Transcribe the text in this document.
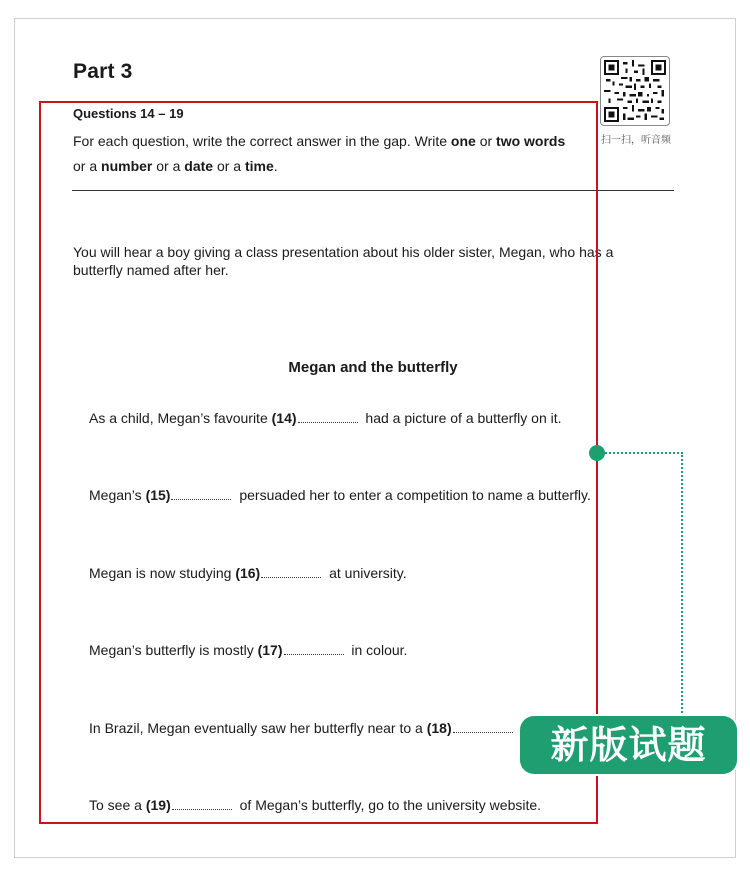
Part 3
扫一扫，听音频
Questions 14 – 19
For each question, write the correct answer in the gap. Write one or two words
or a number or a date or a time.
You will hear a boy giving a class presentation about his older sister, Megan, who has a butterfly named after her.
Megan and the butterfly
As a child, Megan’s favourite (14)	had a picture of a butterfly on it.
Megan’s (15)	persuaded her to enter a competition to name a butterfly.
Megan is now studying (16)	at university.
Megan’s butterfly is mostly (17)	in colour.
In Brazil, Megan eventually saw her butterfly near to a (18)
To see a (19)	of Megan’s butterfly, go to the university website.
新版试题
